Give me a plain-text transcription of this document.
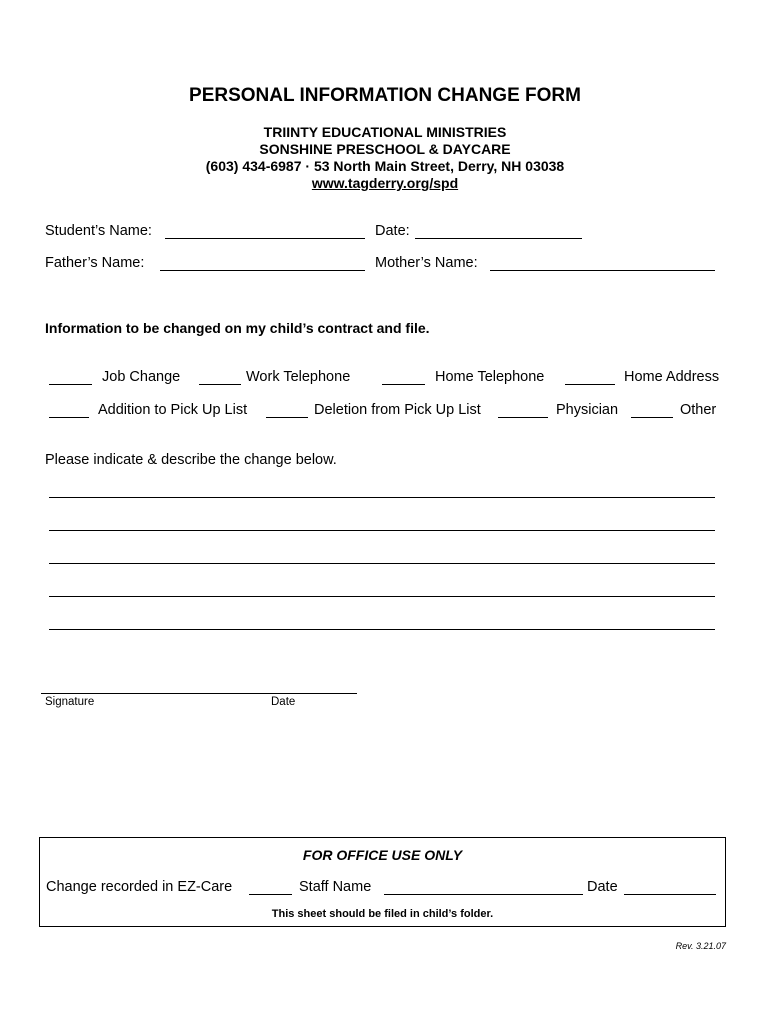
PERSONAL INFORMATION CHANGE FORM
TRIINTY EDUCATIONAL MINISTRIES
SONSHINE PRESCHOOL & DAYCARE
(603) 434-6987 · 53 North Main Street, Derry, NH 03038
www.tagderry.org/spd
Student’s Name:	Date:
Father’s Name:	Mother’s Name:
Information to be changed on my child’s contract and file.
Job Change	Work Telephone	Home Telephone	Home Address
Addition to Pick Up List	Deletion from Pick Up List	Physician	Other
Please indicate & describe the change below.
Signature	Date
FOR OFFICE USE ONLY
Change recorded in EZ-Care	Staff Name	Date
This sheet should be filed in child’s folder.
Rev. 3.21.07
